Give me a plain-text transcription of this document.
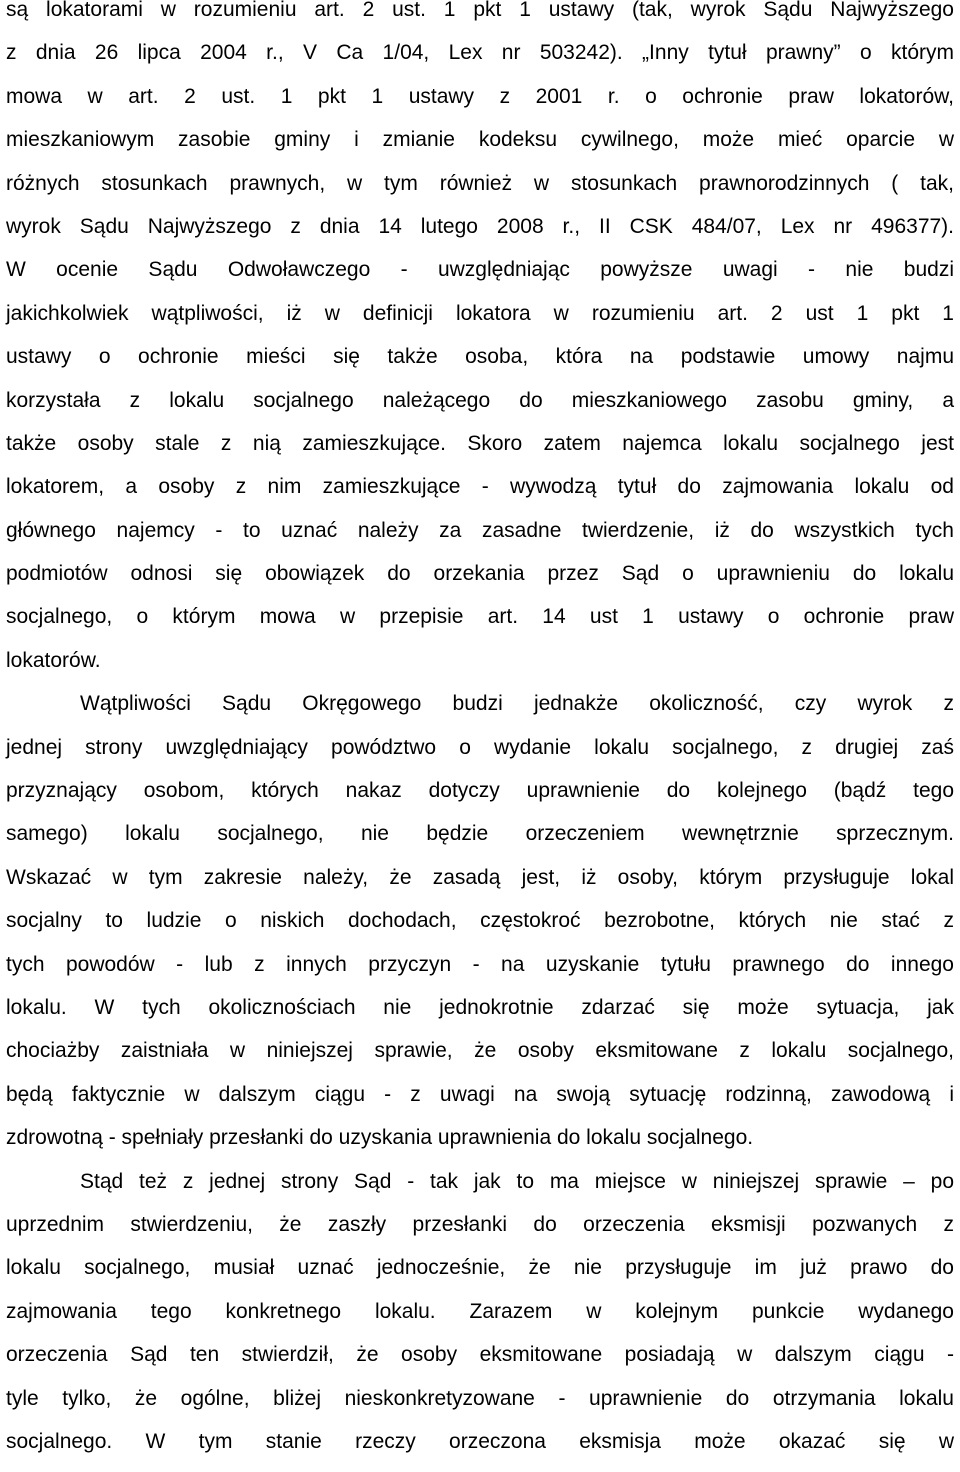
są lokatorami w rozumieniu art. 2 ust. 1 pkt 1 ustawy (tak, wyrok Sądu Najwyższego
z dnia 26 lipca 2004 r., V Ca 1/04, Lex nr 503242). „Inny tytuł prawny” o którym
mowa w art. 2 ust. 1 pkt 1 ustawy z 2001 r. o ochronie praw lokatorów,
mieszkaniowym zasobie gminy i zmianie kodeksu cywilnego, może mieć oparcie w
różnych stosunkach prawnych, w tym również w stosunkach prawnorodzinnych ( tak,
wyrok Sądu Najwyższego z dnia 14 lutego 2008 r., II CSK 484/07, Lex nr 496377).
W ocenie Sądu Odwoławczego - uwzględniając powyższe uwagi - nie budzi
jakichkolwiek wątpliwości, iż w definicji lokatora w rozumieniu art. 2 ust 1 pkt 1
ustawy o ochronie mieści się także osoba, która na podstawie umowy najmu
korzystała z lokalu socjalnego należącego do mieszkaniowego zasobu gminy, a
także osoby stale z nią zamieszkujące. Skoro zatem najemca lokalu socjalnego jest
lokatorem, a osoby z nim zamieszkujące - wywodzą tytuł do zajmowania lokalu od
głównego najemcy - to uznać należy za zasadne twierdzenie, iż do wszystkich tych
podmiotów odnosi się obowiązek do orzekania przez Sąd o uprawnieniu do lokalu
socjalnego, o którym mowa w przepisie art. 14 ust 1 ustawy o ochronie praw
lokatorów.
Wątpliwości Sądu Okręgowego budzi jednakże okoliczność, czy wyrok z
jednej strony uwzględniający powództwo o wydanie lokalu socjalnego, z drugiej zaś
przyznający osobom, których nakaz dotyczy uprawnienie do kolejnego (bądź tego
samego) lokalu socjalnego, nie będzie orzeczeniem wewnętrznie sprzecznym.
Wskazać w tym zakresie należy, że zasadą jest, iż osoby, którym przysługuje lokal
socjalny to ludzie o niskich dochodach, częstokroć bezrobotne, których nie stać z
tych powodów - lub z innych przyczyn - na uzyskanie tytułu prawnego do innego
lokalu. W tych okolicznościach nie jednokrotnie zdarzać się może sytuacja, jak
chociażby zaistniała w niniejszej sprawie, że osoby eksmitowane z lokalu socjalnego,
będą faktycznie w dalszym ciągu - z uwagi na swoją sytuację rodzinną, zawodową i
zdrowotną - spełniały przesłanki do uzyskania uprawnienia do lokalu socjalnego.
Stąd też z jednej strony Sąd - tak jak to ma miejsce w niniejszej sprawie – po
uprzednim stwierdzeniu, że zaszły przesłanki do orzeczenia eksmisji pozwanych z
lokalu socjalnego, musiał uznać jednocześnie, że nie przysługuje im już prawo do
zajmowania tego konkretnego lokalu. Zarazem w kolejnym punkcie wydanego
orzeczenia Sąd ten stwierdził, że osoby eksmitowane posiadają w dalszym ciągu -
tyle tylko, że ogólne, bliżej nieskonkretyzowane - uprawnienie do otrzymania lokalu
socjalnego. W tym stanie rzeczy orzeczona eksmisja może okazać się w
